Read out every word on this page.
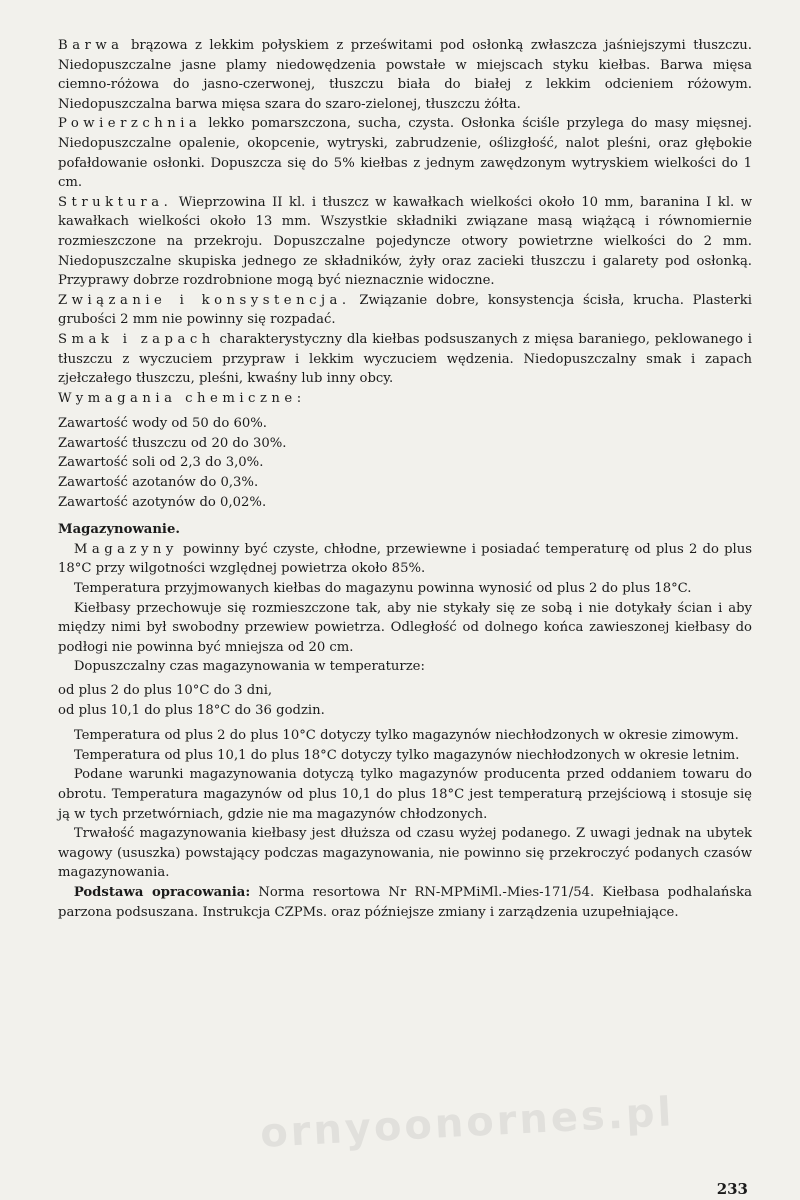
Barwa brązowa z lekkim połyskiem z prześwitami pod osłonką zwłaszcza jaśniejszymi tłuszczu. Niedopuszczalne jasne plamy niedowędzenia powstałe w miejscach styku kiełbas. Barwa mięsa ciemno-różowa do jasno-czerwonej, tłuszczu biała do białej z lekkim odcieniem różowym. Niedopuszczalna barwa mięsa szara do szaro-zielonej, tłuszczu żółta.

Powierzchnia lekko pomarszczona, sucha, czysta. Osłonka ściśle przylega do masy mięsnej. Niedopuszczalne opalenie, okopcenie, wytryski, zabrudzenie, oślizgłość, nalot pleśni, oraz głębokie pofałdowanie osłonki. Dopuszcza się do 5% kiełbas z jednym zawędzonym wytryskiem wielkości do 1 cm.

Struktura. Wieprzowina II kl. i tłuszcz w kawałkach wielkości około 10 mm, baranina I kl. w kawałkach wielkości około 13 mm. Wszystkie składniki związane masą wiążącą i równomiernie rozmieszczone na przekroju. Dopuszczalne pojedyncze otwory powietrzne wielkości do 2 mm. Niedopuszczalne skupiska jednego ze składników, żyły oraz zacieki tłuszczu i galarety pod osłonką. Przyprawy dobrze rozdrobnione mogą być nieznacznie widoczne.

Związanie i konsystencja. Związanie dobre, konsystencja ścisła, krucha. Plasterki grubości 2 mm nie powinny się rozpadać.

Smak i zapach charakterystyczny dla kiełbas podsuszanych z mięsa baraniego, peklowanego i tłuszczu z wyczuciem przypraw i lekkim wyczuciem wędzenia. Niedopuszczalny smak i zapach zjełczałego tłuszczu, pleśni, kwaśny lub inny obcy.

Wymagania chemiczne:

Zawartość wody od 50 do 60%.
Zawartość tłuszczu od 20 do 30%.
Zawartość soli od 2,3 do 3,0%.
Zawartość azotanów do 0,3%.
Zawartość azotynów do 0,02%.

Magazynowanie.

Magazyny powinny być czyste, chłodne, przewiewne i posiadać temperaturę od plus 2 do plus 18°C przy wilgotności względnej powietrza około 85%.

Temperatura przyjmowanych kiełbas do magazynu powinna wynosić od plus 2 do plus 18°C.

Kiełbasy przechowuje się rozmieszczone tak, aby nie stykały się ze sobą i nie dotykały ścian i aby między nimi był swobodny przewiew powietrza. Odległość od dolnego końca zawieszonej kiełbasy do podłogi nie powinna być mniejsza od 20 cm.

Dopuszczalny czas magazynowania w temperaturze:

od plus 2 do plus 10°C do 3 dni,
od plus 10,1 do plus 18°C do 36 godzin.

Temperatura od plus 2 do plus 10°C dotyczy tylko magazynów niechłodzonych w okresie zimowym.

Temperatura od plus 10,1 do plus 18°C dotyczy tylko magazynów niechłodzonych w okresie letnim.

Podane warunki magazynowania dotyczą tylko magazynów producenta przed oddaniem towaru do obrotu. Temperatura magazynów od plus 10,1 do plus 18°C jest temperaturą przejściową i stosuje się ją w tych przetwórniach, gdzie nie ma magazynów chłodzonych.

Trwałość magazynowania kiełbasy jest dłuższa od czasu wyżej podanego. Z uwagi jednak na ubytek wagowy (ususzka) powstający podczas magazynowania, nie powinno się przekroczyć podanych czasów magazynowania.

Podstawa opracowania: Norma resortowa Nr RN-MPMiMl.-Mies-171/54. Kiełbasa podhalańska parzona podsuszana. Instrukcja CZPMs. oraz późniejsze zmiany i zarządzenia uzupełniające.

ornyoonornes.pl
233
